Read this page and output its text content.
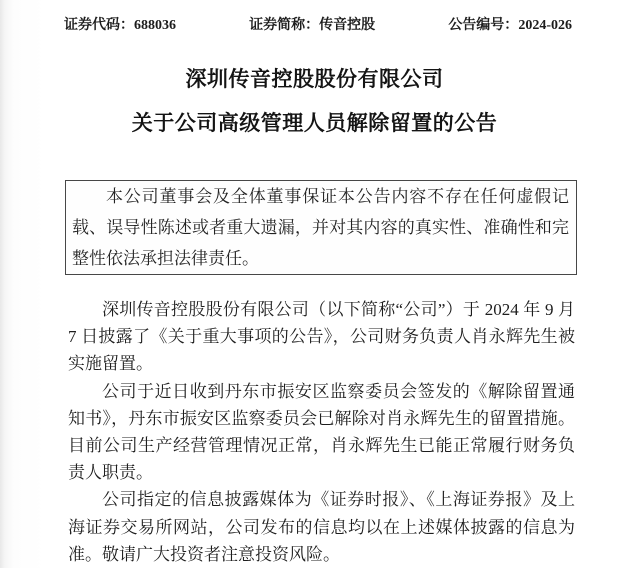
证券代码：688036	证券简称：传音控股	公告编号：2024-026
深圳传音控股股份有限公司
关于公司高级管理人员解除留置的公告

本公司董事会及全体董事保证本公告内容不存在任何虚假记载、误导性陈述或者重大遗漏，并对其内容的真实性、准确性和完整性依法承担法律责任。

深圳传音控股股份有限公司（以下简称“公司”）于 2024 年 9 月 7 日披露了《关于重大事项的公告》，公司财务负责人肖永辉先生被实施留置。

公司于近日收到丹东市振安区监察委员会签发的《解除留置通知书》，丹东市振安区监察委员会已解除对肖永辉先生的留置措施。目前公司生产经营管理情况正常，肖永辉先生已能正常履行财务负责人职责。

公司指定的信息披露媒体为《证券时报》、《上海证券报》及上海证券交易所网站，公司发布的信息均以在上述媒体披露的信息为准。敬请广大投资者注意投资风险。
